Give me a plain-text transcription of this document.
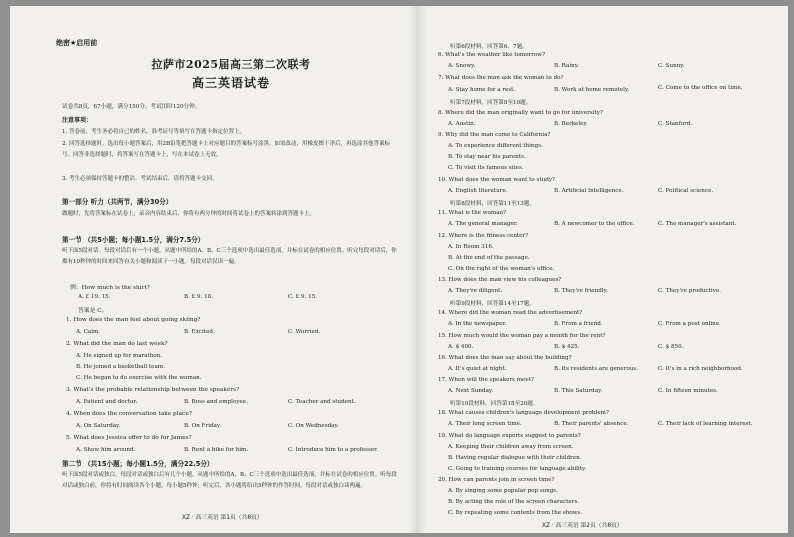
绝密★启用前
拉萨市2025届高三第二次联考
高三英语试卷
试卷共8页，67小题，满分150分。考试用时120分钟。
注意事项：
1. 答卷前，考生务必将自己的姓名、准考证号等填写在答题卡指定位置上。
2. 回答选择题时，选出每小题答案后，用2B铅笔把答题卡上对应题目的答案标号涂黑。如需改动，用橡皮擦干净后，再选涂其他答案标号。回答非选择题时，将答案写在答题卡上，写在本试卷上无效。
3. 考生必须保持答题卡的整洁。考试结束后，请将答题卡交回。
第一部分 听力（共两节，满分30分）
做题时，先将答案标在试卷上，录音内容结束后，你将有两分钟的时间将试卷上的答案转涂到答题卡上。
第一节 （共5小题；每小题1.5分，满分7.5分）
听下面5段对话。每段对话后有一个小题，从题中所给的A、B、C三个选项中选出最佳选项，并标在试卷的相应位置。听完每段对话后，你都有10秒钟的时间来回答有关小题和阅读下一小题。每段对话仅读一遍。
例：How much is the shirt?
A. £ 19. 15.	B. £ 9. 18.	C. £ 9. 15.
答案是 C。
1. How does the man feel about going skiing?
A. Calm.	B. Excited.	C. Worried.
2. What did the man do last week?
A. He signed up for marathon.
B. He joined a basketball team.
C. He began to do exercise with the woman.
3. What's the probable relationship between the speakers?
A. Patient and doctor.	B. Boss and employee.	C. Teacher and student.
4. When does the conversation take place?
A. On Saturday.	B. On Friday.	C. On Wednesday.
5. What does Jessica offer to do for James?
A. Show him around.	B. Rent a bike for him.	C. Introduce him to a professer.
第二节 （共15小题；每小题1.5分，满分22.5分）
听下面5段对话或独白。每段对话或独白后有几个小题，从题中所给的A、B、C三个选项中选出最佳选项，并标在试卷的相应位置。听每段对话或独白前，你将有时间阅读各个小题，每小题5秒钟；听完后，各小题将给出5秒钟的作答时间。每段对话或独白读两遍。
XZ · 高三英语 第1页（共8页）
听第6段材料，回答第6、7题。
6. What's the weather like tomorrow?
A. Snowy.	B. Rainy.	C. Sunny.
7. What does the man ask the woman to do?
A. Stay home for a rest.	B. Work at home remotely.	C. Come to the office on time.
听第7段材料，回答第8至10题。
8. Where did the man originally want to go for university?
A. Austin.	B. Berkeley.	C. Stanford.
9. Why did the man come to California?
A. To experience different things.
B. To stay near his parents.
C. To visit its famous sites.
10. What does the woman want to study?
A. English literature.	B. Artificial Intelligence.	C. Political science.
听第8段材料，回答第11至13题。
11. What is the woman?
A. The general manager.	B. A newcomer to the office.	C. The manager's assistant.
12. Where is the fitness center?
A. In Room 316.
B. At the end of the passage.
C. On the right of the woman's office.
13. How does the man view his colleagues?
A. They're diligent.	B. They're friendly.	C. They're productive.
听第9段材料，回答第14至17题。
14. Where did the woman read the advertisement?
A. In the newspaper.	B. From a friend.	C. From a post online.
15. How much would the woman pay a month for the rent?
A. $ 400.	B. $ 425.	C. $ 850.
16. What does the man say about the building?
A. It's quiet at night.	B. Its residents are generous.	C. It's in a rich neighborhood.
17. When will the speakers meet?
A. Next Sunday.	B. This Saturday.	C. In fifteen minutes.
听第10段材料，回答第18至20题。
18. What causes children's language development problem?
A. Their long screen time.	B. Their parents' absence.	C. Their lack of learning interest.
19. What do language experts suggest to parents?
A. Keeping their children away from screen.
B. Having regular dialogue with their children.
C. Going to training courses for language ability.
20. How can parents join in screen time?
A. By singing some popular pop songs.
B. By acting the role of the screen characters.
C. By repeating some contents from the shows.
XZ · 高三英语 第2页（共8页）
